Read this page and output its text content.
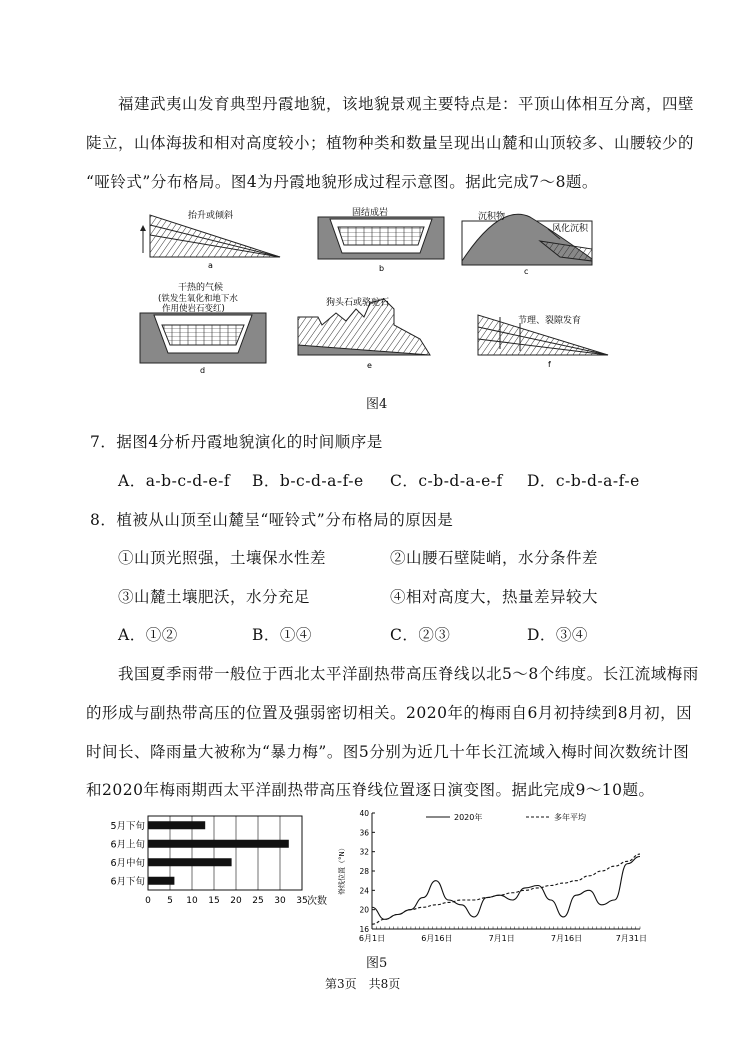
福建武夷山发育典型丹霞地貌，该地貌景观主要特点是：平顶山体相互分离，四壁
陡立，山体海拔和相对高度较小；植物种类和数量呈现出山麓和山顶较多、山腰较少的
“哑铃式”分布格局。图4为丹霞地貌形成过程示意图。据此完成7～8题。
抬升或倾斜
a
固结成岩
b
沉积物
风化沉积
c
干热的气候
(铁发生氧化和地下水
作用使岩石变红)
d
狗头石或骆驼石
e
节理、裂隙发育
f
图4
7．据图4分析丹霞地貌演化的时间顺序是
A．a-b-c-d-e-f B．b-c-d-a-f-e C．c-b-d-a-e-f D．c-b-d-a-f-e
8．植被从山顶至山麓呈“哑铃式”分布格局的原因是
①山顶光照强，土壤保水性差	②山腰石壁陡峭，水分条件差
③山麓土壤肥沃，水分充足	④相对高度大，热量差异较大
A．①②	B．①④	C．②③	D．③④
我国夏季雨带一般位于西北太平洋副热带高压脊线以北5～8个纬度。长江流域梅雨
的形成与副热带高压的位置及强弱密切相关。2020年的梅雨自6月初持续到8月初，因
时间长、降雨量大被称为“暴力梅”。图5分别为近几十年长江流域入梅时间次数统计图
和2020年梅雨期西太平洋副热带高压脊线位置逐日演变图。据此完成9～10题。
0 5 10 15 20 25 30 35
5月下旬
6月上旬
6月中旬
6月下旬
次数
16
20
24
28
32
36
40
6月1日	6月16日	7月1日	7月16日	7月31日
脊线位置（°N）
2020年	多年平均
图5
第3页　共8页
